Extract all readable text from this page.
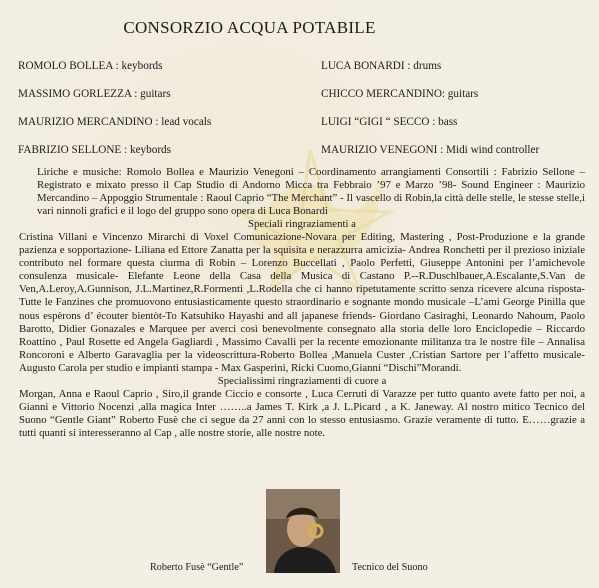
CONSORZIO ACQUA POTABILE
ROMOLO BOLLEA : keybords
MASSIMO GORLEZZA : guitars
MAURIZIO MERCANDINO : lead vocals
FABRIZIO SELLONE : keybords
LUCA BONARDI : drums
CHICCO MERCANDINO: guitars
LUIGI “GIGI “ SECCO : bass
MAURIZIO VENEGONI : Midi wind controller

Liriche e musiche: Romolo Bollea e Maurizio Venegoni – Coordinamento arrangiamenti Consortili : Fabrizio Sellone – Registrato e mixato presso il Cap Studio di Andorno Micca tra Febbraio ’97 e Marzo ’98- Sound Engineer : Maurizio Mercandino – Appoggio Strumentale : Raoul Caprio “The Merchant” - Il vascello di Robin,la città delle stelle, le stesse stelle,i vari ninnoli grafici e il logo del gruppo sono opera di Luca Bonardi

Speciali ringraziamenti a

Cristina Villani e Vincenzo Mirarchi di Voxel Comunicazione-Novara per Editing, Mastering , Post-Produzione e la grande pazienza e sopportazione- Liliana ed Ettore Zanatta per la squisita e nerazzurra amicizia- Andrea Ronchetti per il prezioso iniziale contributo nel formare questa ciurma di Robin – Lorenzo Buccellati , Paolo Perfetti, Giuseppe Antonini per l’amichevole consulenza musicale- Elefante Leone della Casa della Musica di Castano P.--R.Duschlbauer,A.Escalante,S.Van de Ven,A.Leroy,A.Gunnison, J.L.Martinez,R.Formenti ,L.Rodella che ci hanno ripetutamente scritto senza ricevere alcuna risposta-Tutte le Fanzines che promuovono entusiasticamente questo straordinario e sognante mondo musicale –L’ami George Pinilla que nous espèrons d’ écouter bientòt-To Katsuhiko Hayashi and all japanese friends- Giordano Casiraghi, Leonardo Nahoum, Paolo Barotto, Didier Gonazales e Marquee per averci così benevolmente consegnato alla storia delle loro Enciclopedie – Riccardo Roattino , Paul Rosette ed Angela Gagliardi , Massimo Cavalli per la recente emozionante militanza tra le nostre file – Annalisa Roncoroni e Alberto Garavaglia per la videoscrittura-Roberto Bollea ,Manuela Custer ,Cristian Sartore per l’affetto musicale-Augusto Carola per studio e impianti stampa - Max Gasperini, Ricki Cuomo,Gianni “Dischi”Morandi.

Specialissimi ringraziamenti di cuore a

Morgan, Anna e Raoul Caprio , Siro,il grande Ciccio e consorte , Luca Cerruti di Varazze per tutto quanto avete fatto per noi, a Gianni e Vittorio Nocenzi ,alla magica Inter ……..a James T. Kirk ,a J. L.Picard , a K. Janeway. Al nostro mitico Tecnico del Suono “Gentle Giant” Roberto Fusè che ci segue da 27 anni con lo stesso entusiasmo. Grazie veramente di tutto. E……grazie a tutti quanti si interesseranno al Cap , alle nostre storie, alle nostre note.

Roberto Fusè “Gentle”	Tecnico del Suono
